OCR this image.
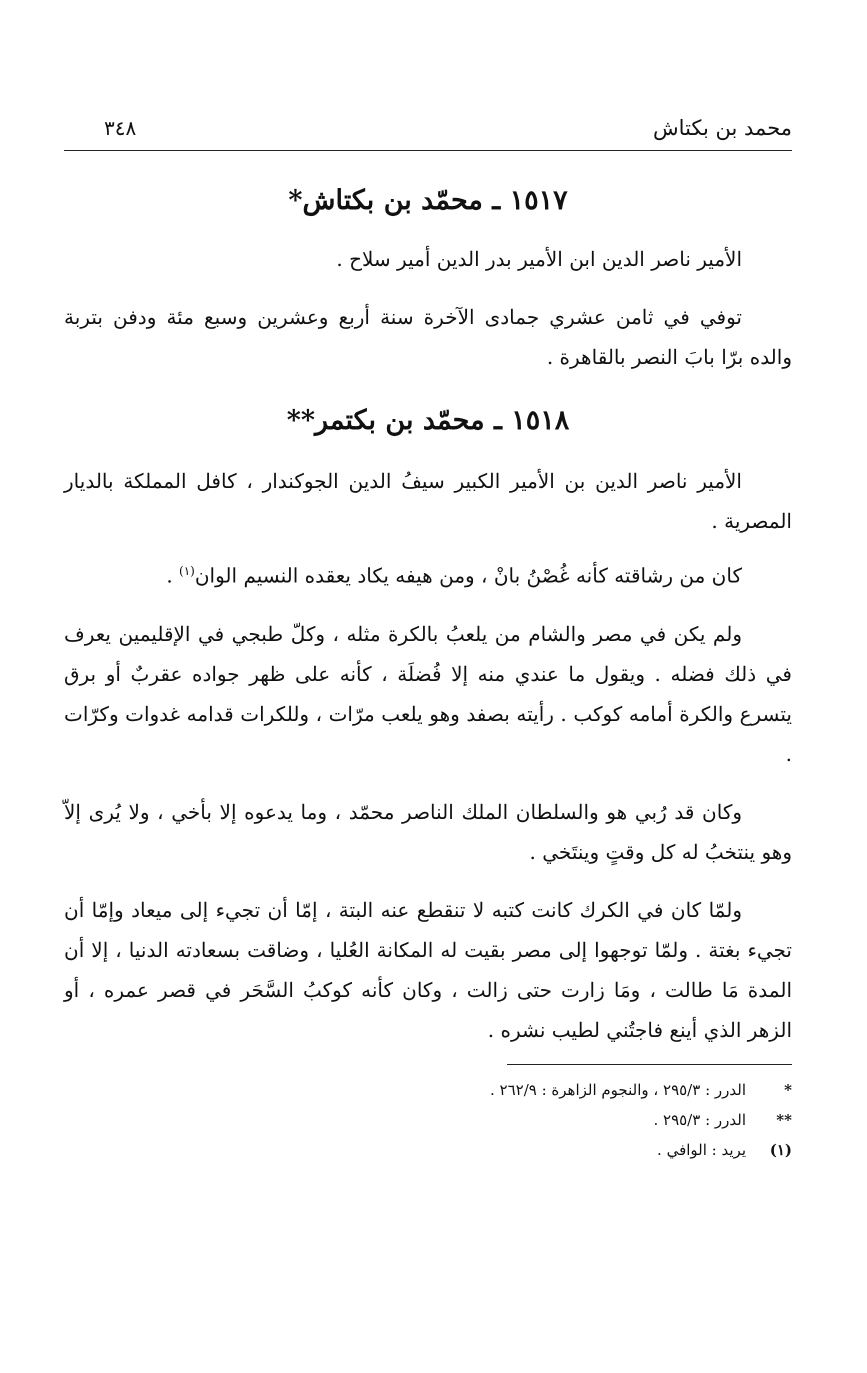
محمد بن بكتاش
٣٤٨
١٥١٧ ـ محمّد بن بكتاش*

الأمير ناصر الدين ابن الأمير بدر الدين أمير سلاح .

توفي في ثامن عشري جمادى الآخرة سنة أربع وعشرين وسبع مئة ودفن بتربة والده برّا بابَ النصر بالقاهرة .

١٥١٨ ـ محمّد بن بكتمر**

الأمير ناصر الدين بن الأمير الكبير سيفُ الدين الجوكندار ، كافل المملكة بالديار المصرية .

كان من رشاقته كأنه غُصْنُ بانْ ، ومن هيفه يكاد يعقده النسيم الوان$^{(١)}$ .

ولم يكن في مصر والشام من يلعبُ بالكرة مثله ، وكلّ طبجي في الإقليمين يعرف في ذلك فضله . ويقول ما عندي منه إلا فُضلَة ، كأنه على ظهر جواده عقربٌ أو برق يتسرع والكرة أمامه كوكب . رأيته بصفد وهو يلعب مرّات ، وللكرات قدامه غدوات وكرّات .

وكان قد رُبي هو والسلطان الملك الناصر محمّد ، وما يدعوه إلا بأخي ، ولا يُرى إلاّ وهو ينتخبُ له كل وقتٍ وينتَخي .

ولمّا كان في الكرك كانت كتبه لا تنقطع عنه البتة ، إمّا أن تجيء إلى ميعاد وإمّا أن تجيء بغتة . ولمّا توجهوا إلى مصر بقيت له المكانة العُليا ، وضاقت بسعادته الدنيا ، إلا أن المدة مَا طالت ، ومَا زارت حتى زالت ، وكان كأنه كوكبُ السَّحَر في قصر عمره ، أو الزهر الذي أينع فاجتُني لطيب نشره .

*
الدرر : ٢٩٥/٣ ، والنجوم الزاهرة : ٢٦٢/٩ .
**
الدرر : ٢٩٥/٣ .
(١)
يريد : الوافي .
